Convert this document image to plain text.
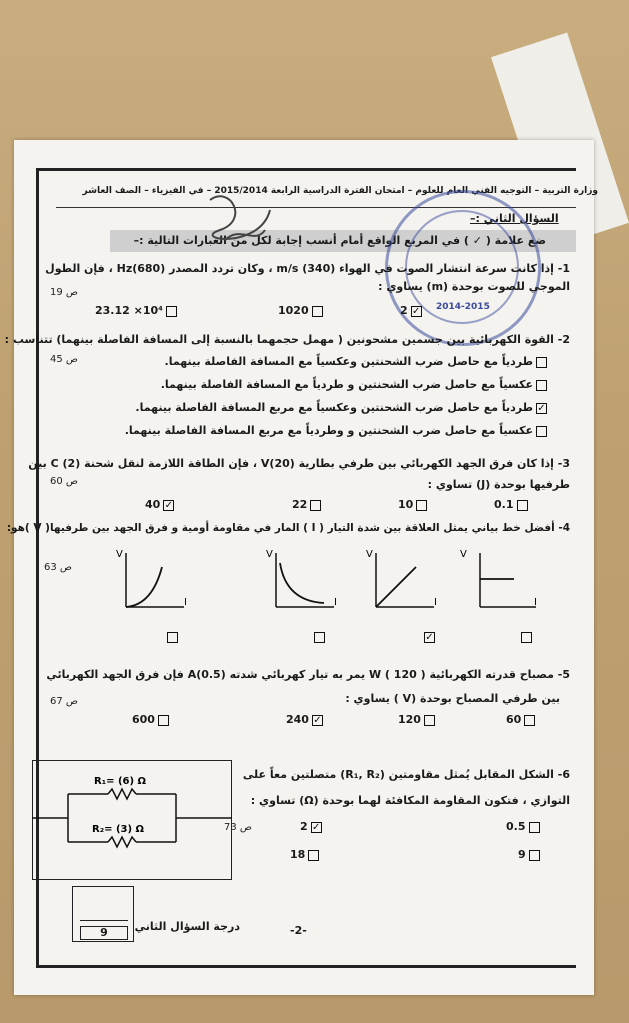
وزارة التربية – التوجيه الفني العام للعلوم – امتحان الفترة الدراسية الرابعة 2015/2014 – في الفيزياء – الصف العاشر
السؤال الثاني :–
ضع علامة ( ✓ ) في المربع الواقع أمام أنسب إجابة لكل من العبارات التالية :–
2014-2015
1- إذا كانت سرعة انتشار الصوت في الهواء (340) m/s ، وكان تردد المصدر (680)Hz ، فإن الطول
الموجي للصوت بوحدة (m) يساوي :
ص 19
23.12 ×10⁴	1020	2 ✓
2- القوة الكهربائية بين جسمين مشحونين ( مهمل حجمهما بالنسبة إلى المسافة الفاصلة بينهما) تتناسب :
ص 45	طردياً مع حاصل ضرب الشحنتين وعكسياً مع المسافة الفاصلة بينهما.
عكسياً مع حاصل ضرب الشحنتين و طردياً مع المسافة الفاصلة بينهما.
✓طردياً مع حاصل ضرب الشحنتين وعكسياً مع مربع المسافة الفاصلة بينهما.
عكسياً مع حاصل ضرب الشحنتين و وطردياً مع مربع المسافة الفاصلة بينهما.
3- إذا كان فرق الجهد الكهربائي بين طرفي بطارية (20)V ، فإن الطاقة اللازمة لنقل شحنة C (2) بين
طرفيها بوحدة (J) تساوي :
ص 60
40 ✓	22	10	0.1
4- أفضل خط بياني يمثل العلاقة بين شدة التيار ( I ) المار في مقاومة أومية و فرق الجهد بين طرفيها( V )هو:
ص 63
V
I
V
I
V
I
V
I
✓
5- مصباح قدرته الكهربائية W ( 120 ) يمر به تيار كهربائي شدته A(0.5) فإن فرق الجهد الكهربائي
بين طرفي المصباح بوحدة (V ) يساوي :
ص 67
600	240 ✓	120	60
R₁= (6) Ω
R₂= (3) Ω
6- الشكل المقابل يُمثل مقاومتين (R₁, R₂) متصلتين معاً على
التوازي ، فتكون المقاومة المكافئة لهما بوحدة (Ω) تساوي :
ص 73	2 ✓	0.5
18	9
9	درجة السؤال الثاني	-2-
